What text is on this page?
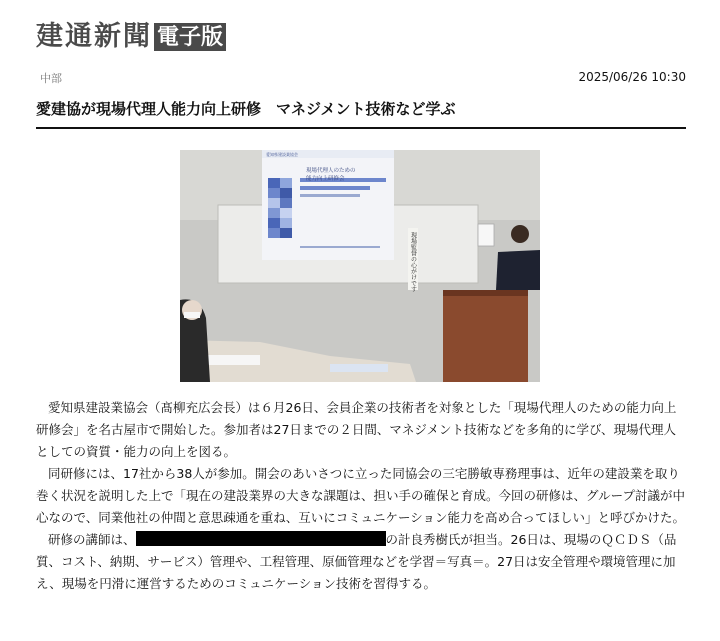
建通新聞 電子版
中部	2025/06/26 10:30
愛建協が現場代理人能力向上研修　マネジメント技術など学ぶ
愛知県建設業協会
現場代理人のための
能力向上研修会
現場監督の心がけです

愛知県建設業協会（髙柳充広会長）は６月26日、会員企業の技術者を対象とした「現場代理人のための能力向上研修会」を名古屋市で開始した。参加者は27日までの２日間、マネジメント技術などを多角的に学び、現場代理人としての資質・能力の向上を図る。

同研修には、17社から38人が参加。開会のあいさつに立った同協会の三宅勝敏専務理事は、近年の建設業を取り巻く状況を説明した上で「現在の建設業界の大きな課題は、担い手の確保と育成。今回の研修は、グループ討議が中心なので、同業他社の仲間と意思疎通を重ね、互いにコミュニケーション能力を高め合ってほしい」と呼びかけた。

研修の講師は、	の計良秀樹氏が担当。26日は、現場のＱＣＤＳ（品質、コスト、納期、サービス）管理や、工程管理、原価管理などを学習＝写真＝。27日は安全管理や環境管理に加え、現場を円滑に運営するためのコミュニケーション技術を習得する。
